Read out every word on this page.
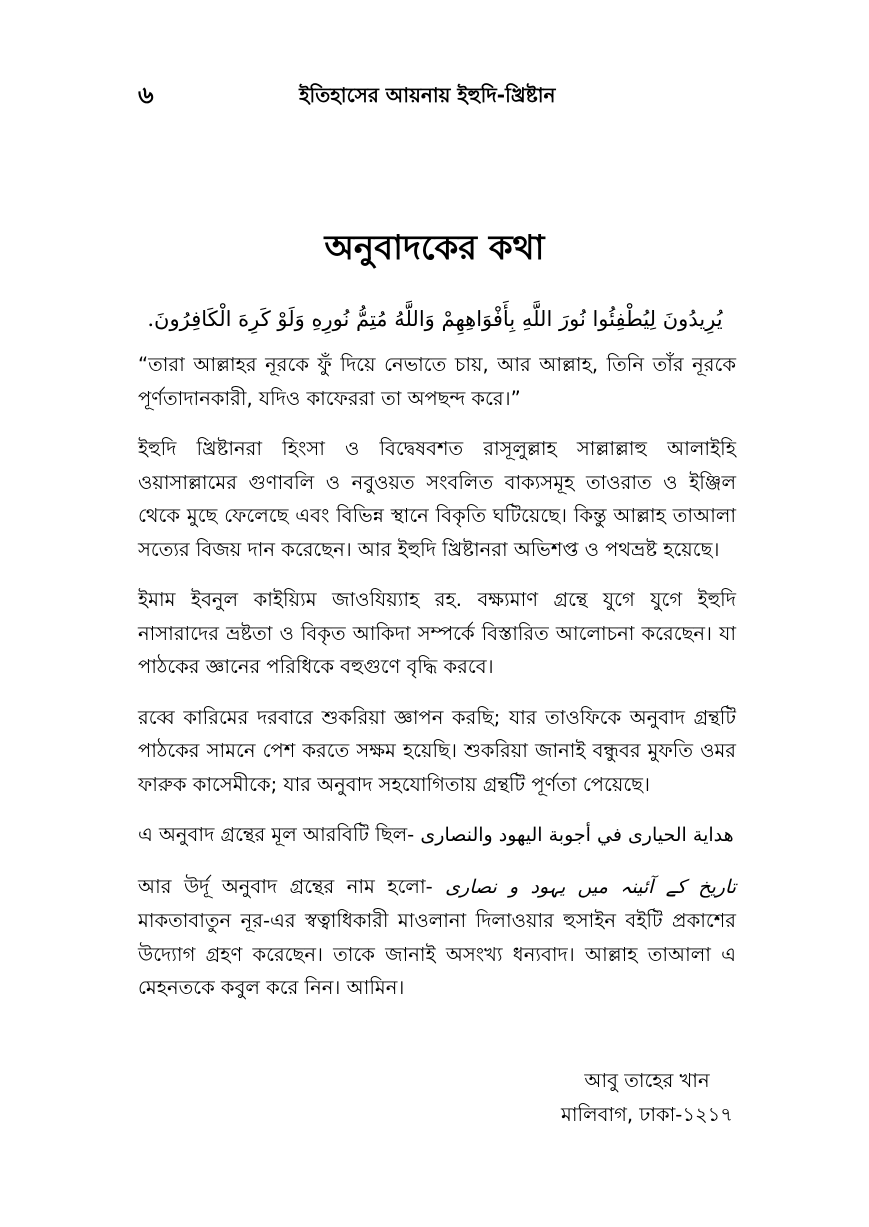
৬	ইতিহাসের আয়নায় ইহুদি-খ্রিষ্টান
অনুবাদকের কথা
يُرِيدُونَ لِيُطْفِئُوا نُورَ اللَّهِ بِأَفْوَاهِهِمْ وَاللَّهُ مُتِمُّ نُورِهِ وَلَوْ كَرِهَ الْكَافِرُونَ.

“তারা আল্লাহর নূরকে ফুঁ দিয়ে নেভাতে চায়, আর আল্লাহ, তিনি তাঁর নূরকে পূর্ণতাদানকারী, যদিও কাফেররা তা অপছন্দ করে।”

ইহুদি খ্রিষ্টানরা হিংসা ও বিদ্বেষবশত রাসূলুল্লাহ সাল্লাল্লাহু আলাইহি ওয়াসাল্লামের গুণাবলি ও নবুওয়ত সংবলিত বাক্যসমূহ তাওরাত ও ইঞ্জিল থেকে মুছে ফেলেছে এবং বিভিন্ন স্থানে বিকৃতি ঘটিয়েছে। কিন্তু আল্লাহ তাআলা সত্যের বিজয় দান করেছেন। আর ইহুদি খ্রিষ্টানরা অভিশপ্ত ও পথভ্রষ্ট হয়েছে।

ইমাম ইবনুল কাইয়্যিম জাওযিয়্যাহ রহ. বক্ষ্যমাণ গ্রন্থে যুগে যুগে ইহুদি নাসারাদের ভ্রষ্টতা ও বিকৃত আকিদা সম্পর্কে বিস্তারিত আলোচনা করেছেন। যা পাঠকের জ্ঞানের পরিধিকে বহুগুণে বৃদ্ধি করবে।

রব্বে কারিমের দরবারে শুকরিয়া জ্ঞাপন করছি; যার তাওফিকে অনুবাদ গ্রন্থটি পাঠকের সামনে পেশ করতে সক্ষম হয়েছি। শুকরিয়া জানাই বন্ধুবর মুফতি ওমর ফারুক কাসেমীকে; যার অনুবাদ সহযোগিতায় গ্রন্থটি পূর্ণতা পেয়েছে।

এ অনুবাদ গ্রন্থের মূল আরবিটি ছিল- هداية الحيارى في أجوبة اليهود والنصارى

আর উর্দূ অনুবাদ গ্রন্থের নাম হলো- تاریخ کے آئینہ میں یہود و نصاری মাকতাবাতুন নূর-এর স্বত্বাধিকারী মাওলানা দিলাওয়ার হুসাইন বইটি প্রকাশের উদ্যোগ গ্রহণ করেছেন। তাকে জানাই অসংখ্য ধন্যবাদ। আল্লাহ তাআলা এ মেহনতকে কবুল করে নিন। আমিন।

আবু তাহের খান
মালিবাগ, ঢাকা-১২১৭
